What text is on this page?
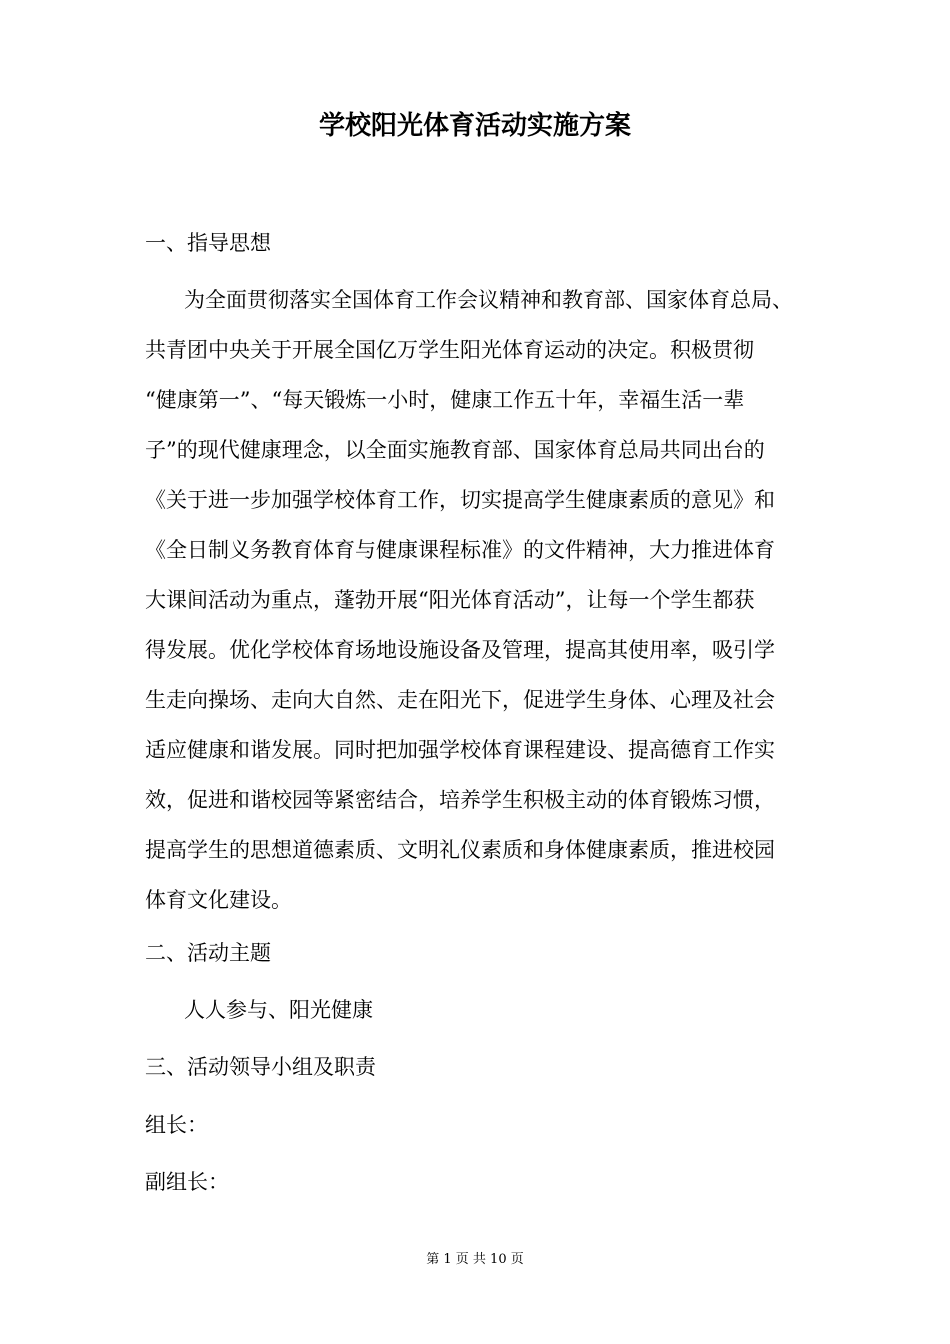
学校阳光体育活动实施方案
一、指导思想
为全面贯彻落实全国体育工作会议精神和教育部、国家体育总局、
共青团中央关于开展全国亿万学生阳光体育运动的决定。积极贯彻
“健康第一”、“每天锻炼一小时，健康工作五十年，幸福生活一辈
子”的现代健康理念，以全面实施教育部、国家体育总局共同出台的
《关于进一步加强学校体育工作，切实提高学生健康素质的意见》和
《全日制义务教育体育与健康课程标准》的文件精神，大力推进体育
大课间活动为重点，蓬勃开展“阳光体育活动”，让每一个学生都获
得发展。优化学校体育场地设施设备及管理，提高其使用率，吸引学
生走向操场、走向大自然、走在阳光下，促进学生身体、心理及社会
适应健康和谐发展。同时把加强学校体育课程建设、提高德育工作实
效，促进和谐校园等紧密结合，培养学生积极主动的体育锻炼习惯，
提高学生的思想道德素质、文明礼仪素质和身体健康素质，推进校园
体育文化建设。
二、活动主题
人人参与、阳光健康
三、活动领导小组及职责
组长：
副组长：
第 1 页 共 10 页
